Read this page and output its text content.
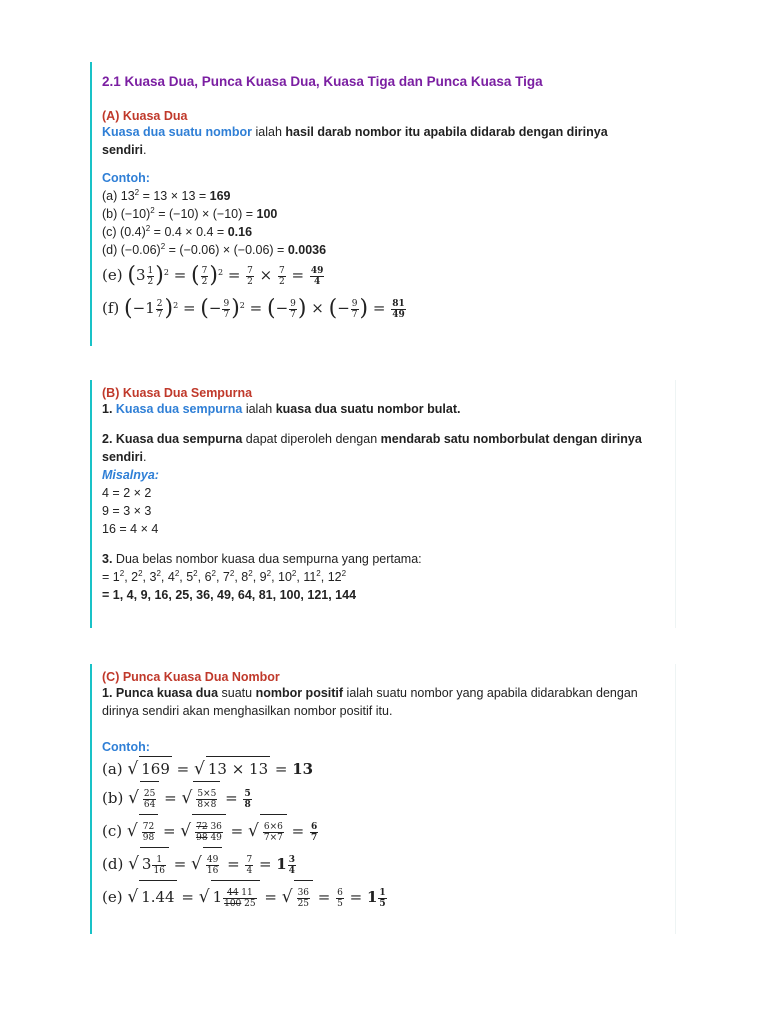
2.1 Kuasa Dua, Punca Kuasa Dua, Kuasa Tiga dan Punca Kuasa Tiga
(A) Kuasa Dua
Kuasa dua suatu nombor ialah hasil darab nombor itu apabila didarab dengan dirinya
sendiri.
Contoh:
(a) $13^2 = 13 \times 13 = 169$
(b) $(-10)^2 = (-10) \times (-10) = 100$
(c) $(0.4)^2 = 0.4 \times 0.4 = 0.16$
(d) $(-0.06)^2 = (-0.06) \times (-0.06) = 0.0036$
(e) $(3 \frac{1}{2} )^2$ = ( $\frac{7}{2} )^2 = \frac{7}{2} \times \frac{7}{2} = \frac{49}{4}$
(f) $(-1 \frac{2}{7} )^2$ = (− $\frac{9}{7} )^2$ = (− $\frac{9}{7}$ ) × (− $\frac{9}{7}$ ) = $\frac{81}{49}$
(B) Kuasa Dua Sempurna
1. Kuasa dua sempurna ialah kuasa dua suatu nombor bulat.
2. Kuasa dua sempurna dapat diperoleh dengan mendarab satu nomborbulat dengan dirinya
sendiri.
Misalnya:
4 = 2 × 2
9 = 3 × 3
16 = 4 × 4
3. Dua belas nombor kuasa dua sempurna yang pertama:
= $1^2$, $2^2$, $3^2$, $4^2$, $5^2$, $6^2$, $7^2$, $8^2$, $9^2$, $10^2$, $11^2$, $12^2$
= 1, 4, 9, 16, 25, 36, 49, 64, 81, 100, 121, 144
(C) Punca Kuasa Dua Nombor
1. Punca kuasa dua suatu nombor positif ialah suatu nombor yang apabila didarabkan dengan
dirinya sendiri akan menghasilkan nombor positif itu.
Contoh:
(a) √ 169 = √ 13 × 13 = 13
(b) √ $\frac{25}{64}$ = √ $\frac{5\times 5}{8\times 8} = \frac{5}{8}$
(c) √ $\frac{72}{98}$ = √ $\frac{72 36}{98 49}$ = √ $\frac{6\times 6}{7\times 7} = \frac{6}{7}$
(d) √ $3 \frac{1}{16}$ = √ $\frac{49}{16} = \frac{7}{4} = 1 \frac{3}{4}$
(e) √ 1.44 = √ $1 \frac{44 11}{100 25}$ = √ $\frac{36}{25} = \frac{6}{5} = 1 \frac{1}{5}$
